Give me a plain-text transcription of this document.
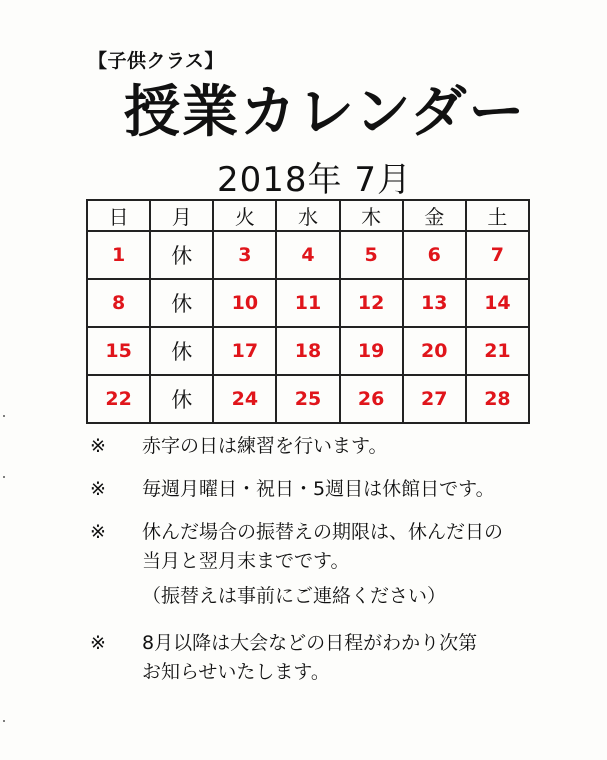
【子供クラス】
授業カレンダー
2018年 7月
日	月	火	水	木	金	土
1	休	3	4	5	6	7
8	休	10	11	12	13	14
15	休	17	18	19	20	21
22	休	24	25	26	27	28
※	赤字の日は練習を行います。
※	毎週月曜日・祝日・5週目は休館日です。
※	休んだ場合の振替えの期限は、休んだ日の
当月と翌月末までです。
（振替えは事前にご連絡ください）
※	8月以降は大会などの日程がわかり次第
お知らせいたします。
